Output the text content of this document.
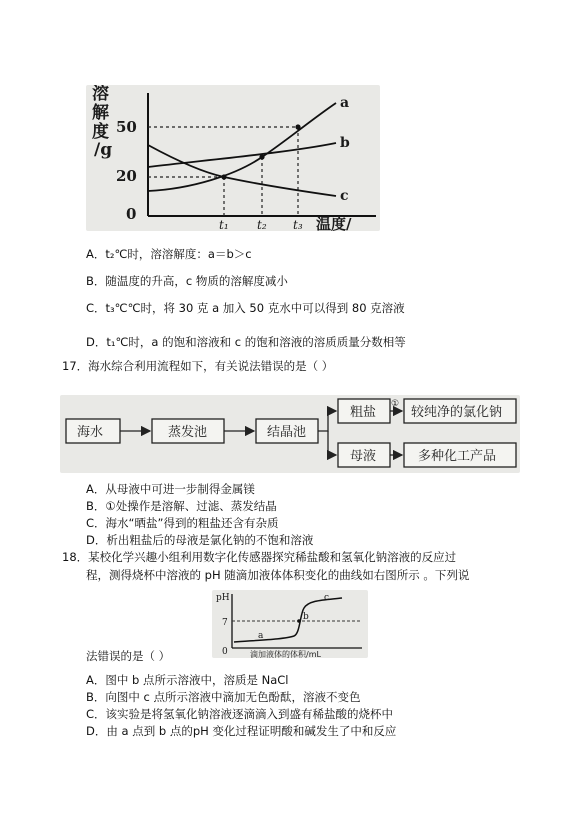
溶
解
度
/g
50
20
0
t₁ t₂ t₃ 温度/
a
b
c
A．t₂℃时，溶溶解度：a＝b＞c
B．随温度的升高，c 物质的溶解度减小
C．t₃℃℃时，将 30 克 a 加入 50 克水中可以得到 80 克溶液
D．t₁℃时，a 的饱和溶液和 c 的饱和溶液的溶质质量分数相等
17．海水综合利用流程如下，有关说法错误的是（ ）
海水	蒸发池	结晶池
粗盐	较纯净的氯化钠
母液	多种化工产品
①
A．从母液中可进一步制得金属镁
B．①处操作是溶解、过滤、蒸发结晶
C．海水“晒盐”得到的粗盐还含有杂质
D．析出粗盐后的母液是氯化钠的不饱和溶液
18．某校化学兴趣小组利用数字化传感器探究稀盐酸和氢氧化钠溶液的反应过
程，测得烧杯中溶液的 pH 随滴加液体体积变化的曲线如右图所示 。下列说
pH
7
0
a
b
c
滴加液体的体积/mL
法错误的是（ ）
A．图中 b 点所示溶液中，溶质是 NaCl
B．向图中 c 点所示溶液中滴加无色酚酞，溶液不变色
C．该实验是将氢氧化钠溶液逐滴滴入到盛有稀盐酸的烧杯中
D．由 a 点到 b 点的pH 变化过程证明酸和碱发生了中和反应
